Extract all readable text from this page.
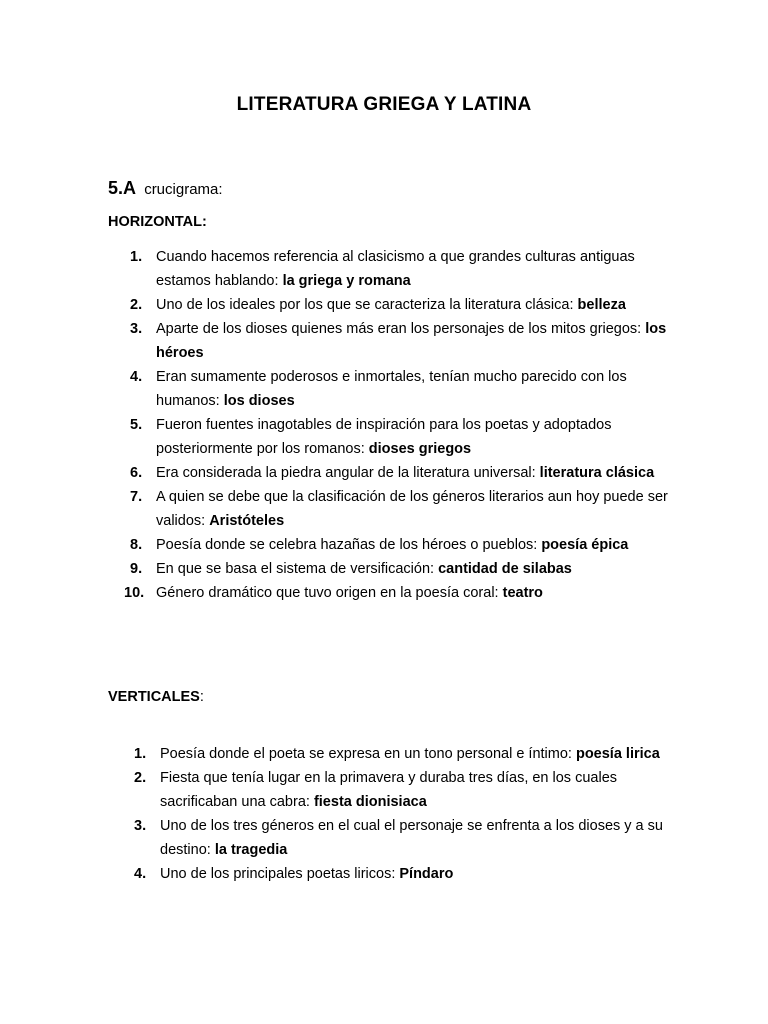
LITERATURA GRIEGA Y LATINA
5.A crucigrama:
HORIZONTAL:
1. Cuando hacemos referencia al clasicismo a que grandes culturas antiguas estamos hablando: la griega y romana
2. Uno de los ideales por los que se caracteriza la literatura clásica: belleza
3. Aparte de los dioses quienes más eran los personajes de los mitos griegos: los héroes
4. Eran sumamente poderosos e inmortales, tenían mucho parecido con los humanos: los dioses
5. Fueron fuentes inagotables de inspiración para los poetas y adoptados posteriormente por los romanos: dioses griegos
6. Era considerada la piedra angular de la literatura universal: literatura clásica
7. A quien se debe que la clasificación de los géneros literarios aun hoy puede ser validos: Aristóteles
8. Poesía donde se celebra hazañas de los héroes o pueblos: poesía épica
9. En que se basa el sistema de versificación: cantidad de silabas
10. Género dramático que tuvo origen en la poesía coral: teatro
VERTICALES:
1. Poesía donde el poeta se expresa en un tono personal e íntimo: poesía lirica
2. Fiesta que tenía lugar en la primavera y duraba tres días, en los cuales sacrificaban una cabra: fiesta dionisiaca
3. Uno de los tres géneros en el cual el personaje se enfrenta a los dioses y a su destino: la tragedia
4. Uno de los principales poetas liricos: Píndaro
